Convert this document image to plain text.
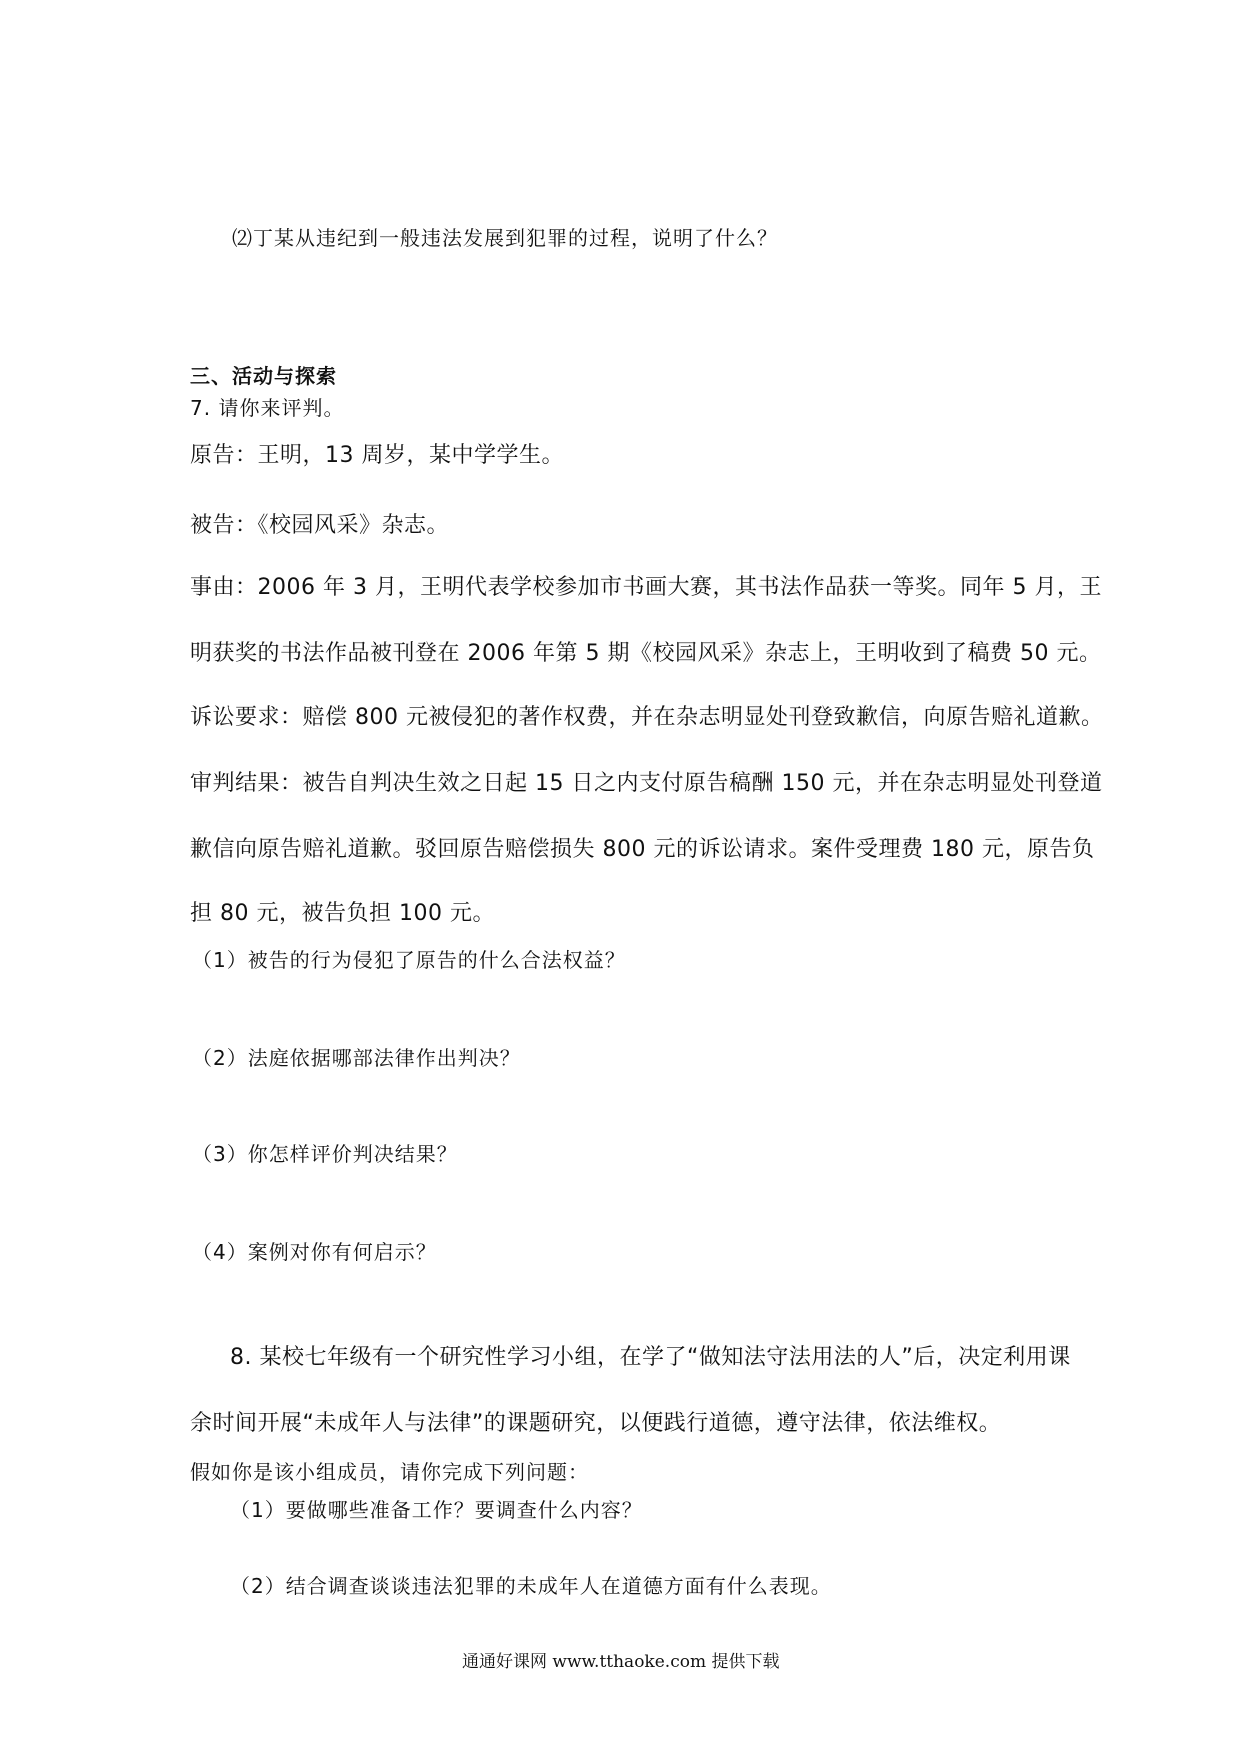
⑵丁某从违纪到一般违法发展到犯罪的过程，说明了什么？

三、活动与探索

7. 请你来评判。

原告：王明，13 周岁，某中学学生。

被告：《校园风采》杂志。

事由：2006 年 3 月，王明代表学校参加市书画大赛，其书法作品获一等奖。同年 5 月，王

明获奖的书法作品被刊登在 2006 年第 5 期《校园风采》杂志上，王明收到了稿费 50 元。

诉讼要求：赔偿 800 元被侵犯的著作权费，并在杂志明显处刊登致歉信，向原告赔礼道歉。

审判结果：被告自判决生效之日起 15 日之内支付原告稿酬 150 元，并在杂志明显处刊登道

歉信向原告赔礼道歉。驳回原告赔偿损失 800 元的诉讼请求。案件受理费 180 元，原告负

担 80 元，被告负担 100 元。

（1）被告的行为侵犯了原告的什么合法权益？

（2）法庭依据哪部法律作出判决？

（3）你怎样评价判决结果？

（4）案例对你有何启示？

8. 某校七年级有一个研究性学习小组，在学了“做知法守法用法的人”后，决定利用课

余时间开展“未成年人与法律”的课题研究，以便践行道德，遵守法律，依法维权。

假如你是该小组成员，请你完成下列问题：

（1）要做哪些准备工作？要调查什么内容？

（2）结合调查谈谈违法犯罪的未成年人在道德方面有什么表现。

通通好课网 www.tthaoke.com 提供下载
